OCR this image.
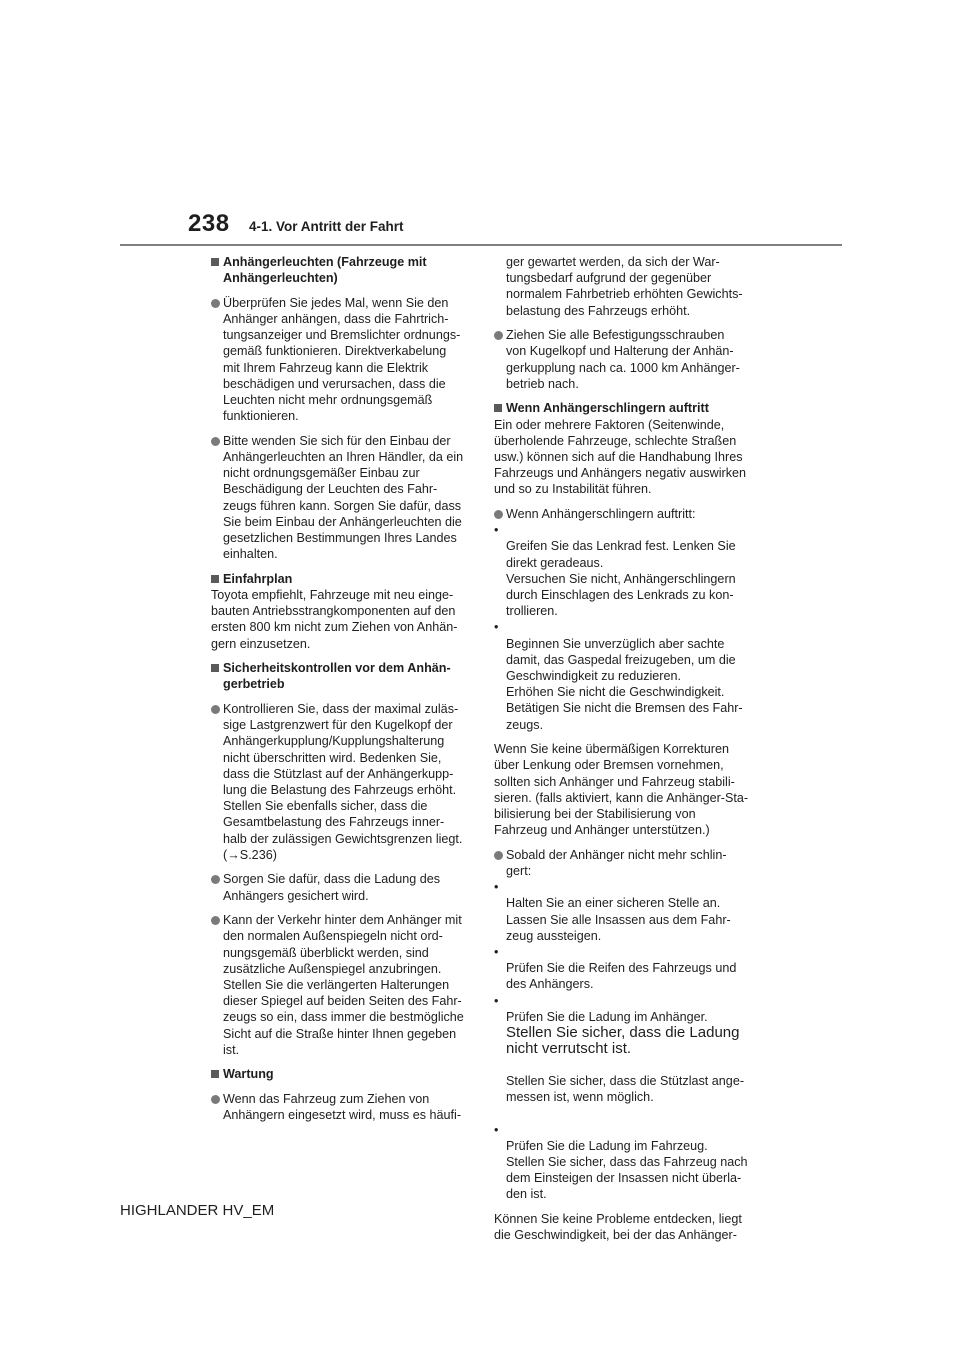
238 4-1. Vor Antritt der Fahrt
Anhängerleuchten (Fahrzeuge mit
Anhängerleuchten)
Überprüfen Sie jedes Mal, wenn Sie den
Anhänger anhängen, dass die Fahrtrich-
tungsanzeiger und Bremslichter ordnungs-
gemäß funktionieren. Direktverkabelung
mit Ihrem Fahrzeug kann die Elektrik
beschädigen und verursachen, dass die
Leuchten nicht mehr ordnungsgemäß
funktionieren.
Bitte wenden Sie sich für den Einbau der
Anhängerleuchten an Ihren Händler, da ein
nicht ordnungsgemäßer Einbau zur
Beschädigung der Leuchten des Fahr-
zeugs führen kann. Sorgen Sie dafür, dass
Sie beim Einbau der Anhängerleuchten die
gesetzlichen Bestimmungen Ihres Landes
einhalten.
Einfahrplan
Toyota empfiehlt, Fahrzeuge mit neu einge-
bauten Antriebsstrangkomponenten auf den
ersten 800 km nicht zum Ziehen von Anhän-
gern einzusetzen.
Sicherheitskontrollen vor dem Anhän-
gerbetrieb
Kontrollieren Sie, dass der maximal zuläs-
sige Lastgrenzwert für den Kugelkopf der
Anhängerkupplung/Kupplungshalterung
nicht überschritten wird. Bedenken Sie,
dass die Stützlast auf der Anhängerkupp-
lung die Belastung des Fahrzeugs erhöht.
Stellen Sie ebenfalls sicher, dass die
Gesamtbelastung des Fahrzeugs inner-
halb der zulässigen Gewichtsgrenzen liegt.
(→S.236)
Sorgen Sie dafür, dass die Ladung des
Anhängers gesichert wird.
Kann der Verkehr hinter dem Anhänger mit
den normalen Außenspiegeln nicht ord-
nungsgemäß überblickt werden, sind
zusätzliche Außenspiegel anzubringen.
Stellen Sie die verlängerten Halterungen
dieser Spiegel auf beiden Seiten des Fahr-
zeugs so ein, dass immer die bestmögliche
Sicht auf die Straße hinter Ihnen gegeben
ist.
Wartung
Wenn das Fahrzeug zum Ziehen von
Anhängern eingesetzt wird, muss es häufi-
ger gewartet werden, da sich der War-
tungsbedarf aufgrund der gegenüber
normalem Fahrbetrieb erhöhten Gewichts-
belastung des Fahrzeugs erhöht.
Ziehen Sie alle Befestigungsschrauben
von Kugelkopf und Halterung der Anhän-
gerkupplung nach ca. 1000 km Anhänger-
betrieb nach.
Wenn Anhängerschlingern auftritt
Ein oder mehrere Faktoren (Seitenwinde,
überholende Fahrzeuge, schlechte Straßen
usw.) können sich auf die Handhabung Ihres
Fahrzeugs und Anhängers negativ auswirken
und so zu Instabilität führen.
Wenn Anhängerschlingern auftritt:

•
Greifen Sie das Lenkrad fest. Lenken Sie
direkt geradeaus.
Versuchen Sie nicht, Anhängerschlingern
durch Einschlagen des Lenkrads zu kon-
trollieren.

•
Beginnen Sie unverzüglich aber sachte
damit, das Gaspedal freizugeben, um die
Geschwindigkeit zu reduzieren.
Erhöhen Sie nicht die Geschwindigkeit.
Betätigen Sie nicht die Bremsen des Fahr-
zeugs.

Wenn Sie keine übermäßigen Korrekturen
über Lenkung oder Bremsen vornehmen,
sollten sich Anhänger und Fahrzeug stabili-
sieren. (falls aktiviert, kann die Anhänger-Sta-
bilisierung bei der Stabilisierung von
Fahrzeug und Anhänger unterstützen.)
Sobald der Anhänger nicht mehr schlin-
gert:

•
Halten Sie an einer sicheren Stelle an.
Lassen Sie alle Insassen aus dem Fahr-
zeug aussteigen.

•
Prüfen Sie die Reifen des Fahrzeugs und
des Anhängers.

•
Prüfen Sie die Ladung im Anhänger.

Stellen Sie sicher, dass die Ladung
nicht verrutscht ist.

Stellen Sie sicher, dass die Stützlast ange-
messen ist, wenn möglich.

•
Prüfen Sie die Ladung im Fahrzeug.
Stellen Sie sicher, dass das Fahrzeug nach
dem Einsteigen der Insassen nicht überla-
den ist.

Können Sie keine Probleme entdecken, liegt
die Geschwindigkeit, bei der das Anhänger-
HIGHLANDER HV_EM
